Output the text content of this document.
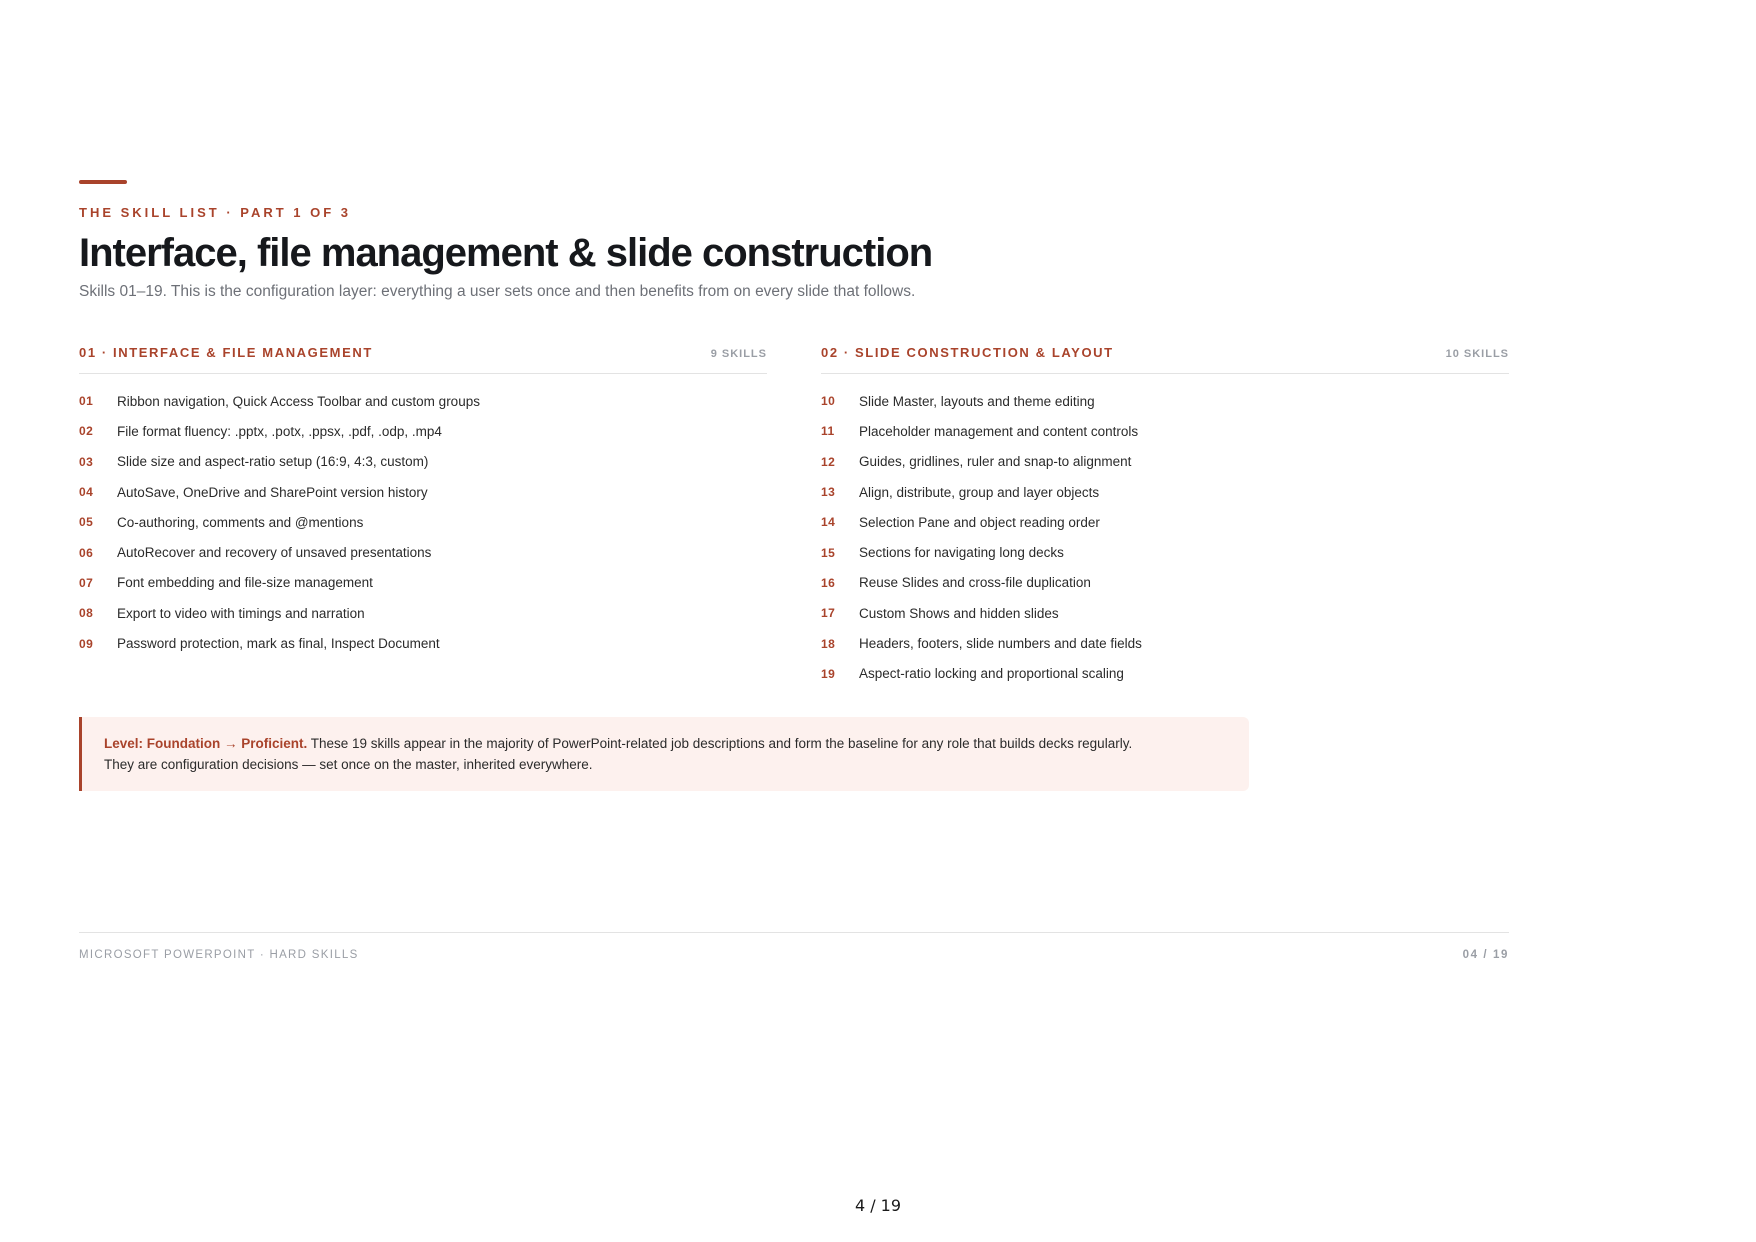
THE SKILL LIST · PART 1 OF 3
Interface, file management & slide construction
Skills 01–19. This is the configuration layer: everything a user sets once and then benefits from on every slide that follows.
01 · INTERFACE & FILE MANAGEMENT	9 SKILLS
01	Ribbon navigation, Quick Access Toolbar and custom groups
02	File format fluency: .pptx, .potx, .ppsx, .pdf, .odp, .mp4
03	Slide size and aspect-ratio setup (16:9, 4:3, custom)
04	AutoSave, OneDrive and SharePoint version history
05	Co-authoring, comments and @mentions
06	AutoRecover and recovery of unsaved presentations
07	Font embedding and file-size management
08	Export to video with timings and narration
09	Password protection, mark as final, Inspect Document
02 · SLIDE CONSTRUCTION & LAYOUT	10 SKILLS
10	Slide Master, layouts and theme editing
11	Placeholder management and content controls
12	Guides, gridlines, ruler and snap-to alignment
13	Align, distribute, group and layer objects
14	Selection Pane and object reading order
15	Sections for navigating long decks
16	Reuse Slides and cross-file duplication
17	Custom Shows and hidden slides
18	Headers, footers, slide numbers and date fields
19	Aspect-ratio locking and proportional scaling
Level: Foundation → Proficient. These 19 skills appear in the majority of PowerPoint-related job descriptions and form the baseline for any role that builds decks regularly.
They are configuration decisions — set once on the master, inherited everywhere.
MICROSOFT POWERPOINT · HARD SKILLS	04 / 19
4 / 19
